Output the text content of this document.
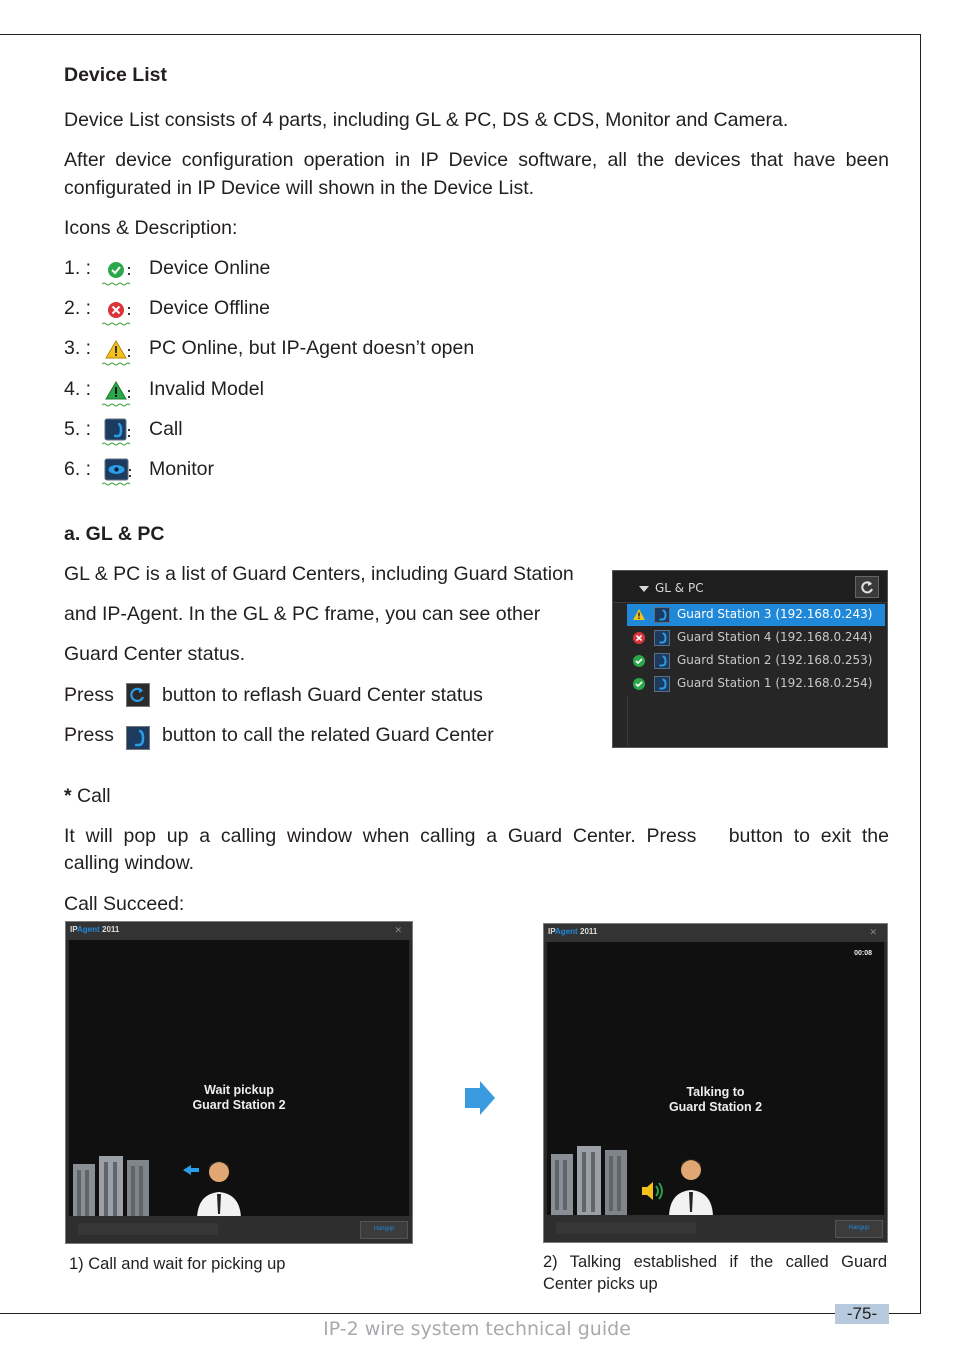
Device List
Device List consists of 4 parts, including GL & PC, DS & CDS, Monitor and Camera.
After device configuration operation in IP Device software, all the devices that have been
configurated in IP Device will shown in the Device List.
Icons & Description:
1. :	Device Online
2. :	Device Offline
3. :	PC Online, but IP-Agent doesn’t open
4. :	Invalid Model
5. :	Call
6. :	Monitor
a. GL & PC
GL & PC is a list of Guard Centers, including Guard Station
and IP-Agent. In the GL & PC frame, you can see other
Guard Center status.
Press button to reflash Guard Center status
Press button to call the related Guard Center
GL & PC
Guard Station 3 (192.168.0.243)
Guard Station 4 (192.168.0.244)
Guard Station 2 (192.168.0.253)
Guard Station 1 (192.168.0.254)
* Call
It will pop up a calling window when calling a Guard Center. Press   button to exit the
calling window.
Call Succeed:
IPAgent 2011	✕
Wait pickup
Guard Station 2
Hangup
IPAgent 2011	✕
00:08
Talking to
Guard Station 2
Hangup
1) Call and wait for picking up	2) Talking established if the called Guard
Center picks up
-75-
IP-2 wire system technical guide
